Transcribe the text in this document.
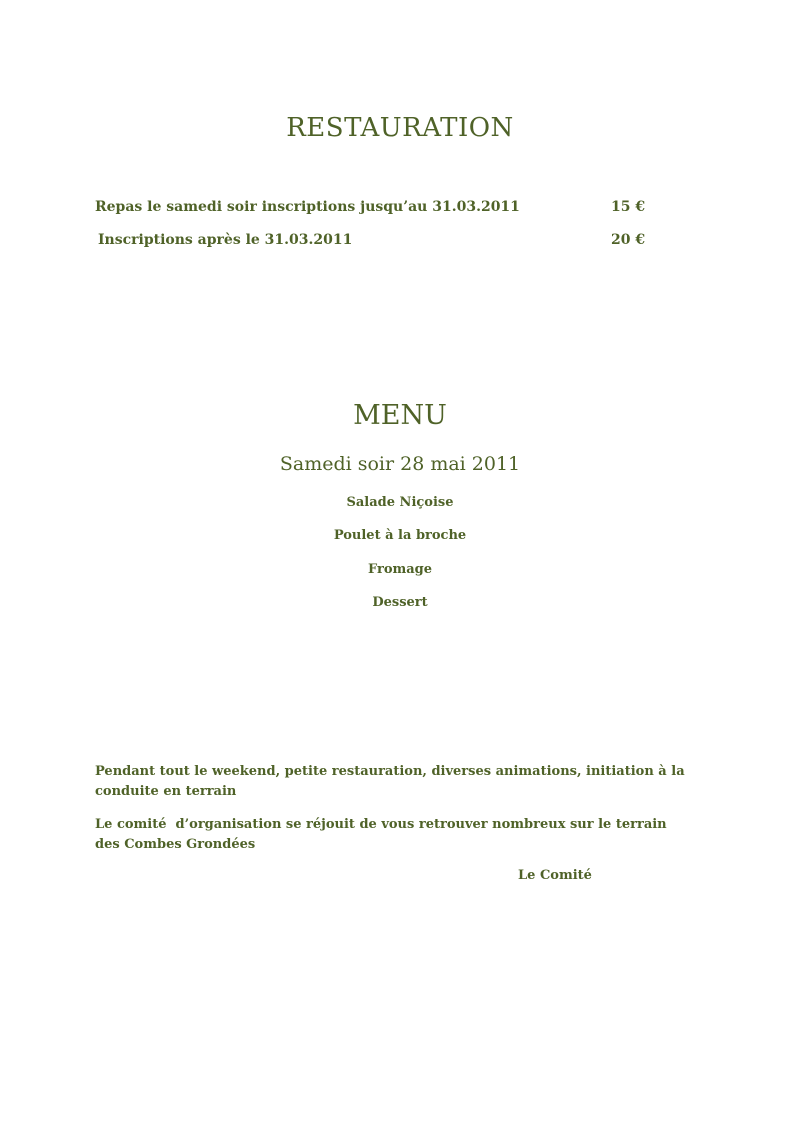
RESTAURATION
Repas le samedi soir inscriptions jusqu’au 31.03.2011	15 €
Inscriptions après le 31.03.2011	20 €
MENU
Samedi soir 28 mai 2011
Salade Niçoise
Poulet à la broche
Fromage
Dessert

Pendant tout le weekend, petite restauration, diverses animations, initiation à la conduite en terrain

Le comité  d’organisation se réjouit de vous retrouver nombreux sur le terrain des Combes Grondées

Le Comité
